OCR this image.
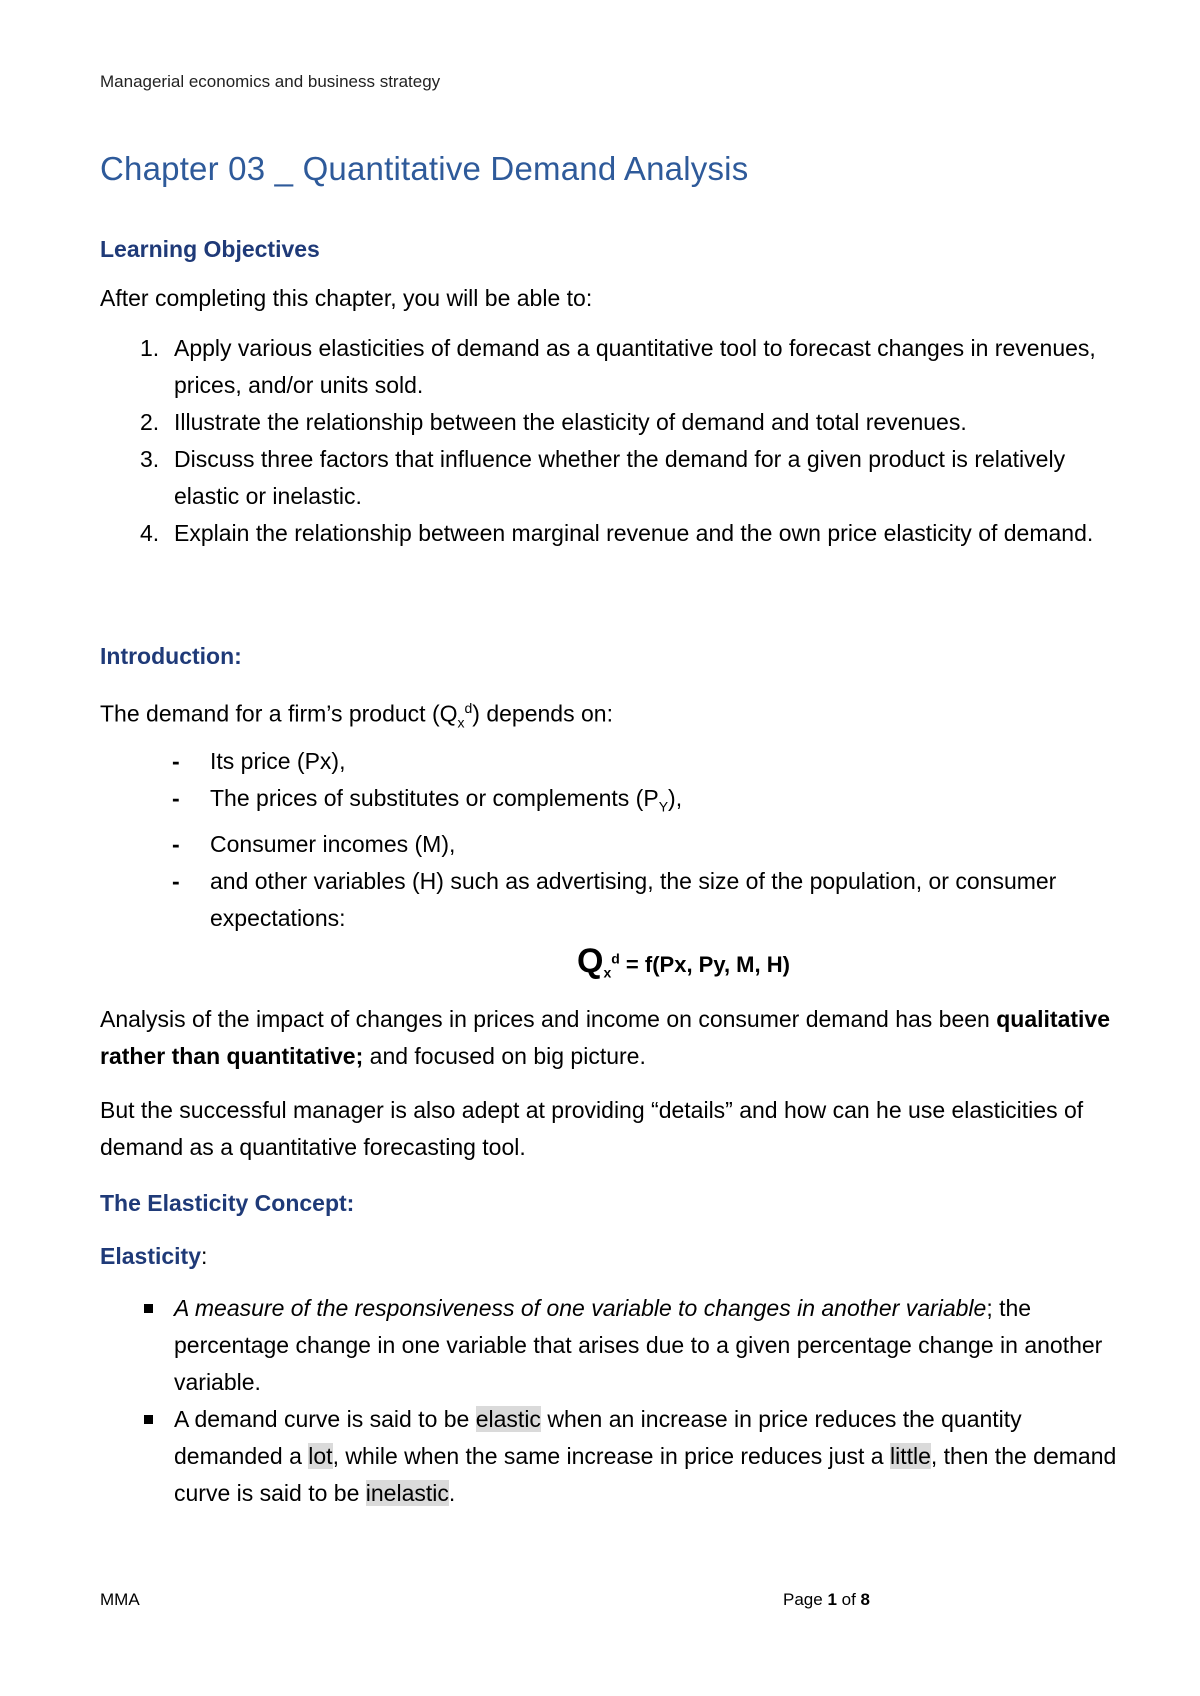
Managerial economics and business strategy
Chapter 03 _ Quantitative Demand Analysis
Learning Objectives
After completing this chapter, you will be able to:
1. Apply various elasticities of demand as a quantitative tool to forecast changes in revenues, prices, and/or units sold.
2. Illustrate the relationship between the elasticity of demand and total revenues.
3. Discuss three factors that influence whether the demand for a given product is relatively elastic or inelastic.
4. Explain the relationship between marginal revenue and the own price elasticity of demand.
Introduction:
The demand for a firm’s product $(Q_x^d)$ depends on:
- Its price (Px),
- The prices of substitutes or complements $(P_Y)$,
- Consumer incomes (M),
- and other variables (H) such as advertising, the size of the population, or consumer expectations:
$Q_x^d = f(Px$, Py, M, H)
Analysis of the impact of changes in prices and income on consumer demand has been qualitative rather than quantitative; and focused on big picture.
But the successful manager is also adept at providing “details” and how can he use elasticities of demand as a quantitative forecasting tool.
The Elasticity Concept:
Elasticity:
A measure of the responsiveness of one variable to changes in another variable; the percentage change in one variable that arises due to a given percentage change in another variable.
A demand curve is said to be elastic when an increase in price reduces the quantity demanded a lot, while when the same increase in price reduces just a little, then the demand curve is said to be inelastic.
MMA	Page 1 of 8
